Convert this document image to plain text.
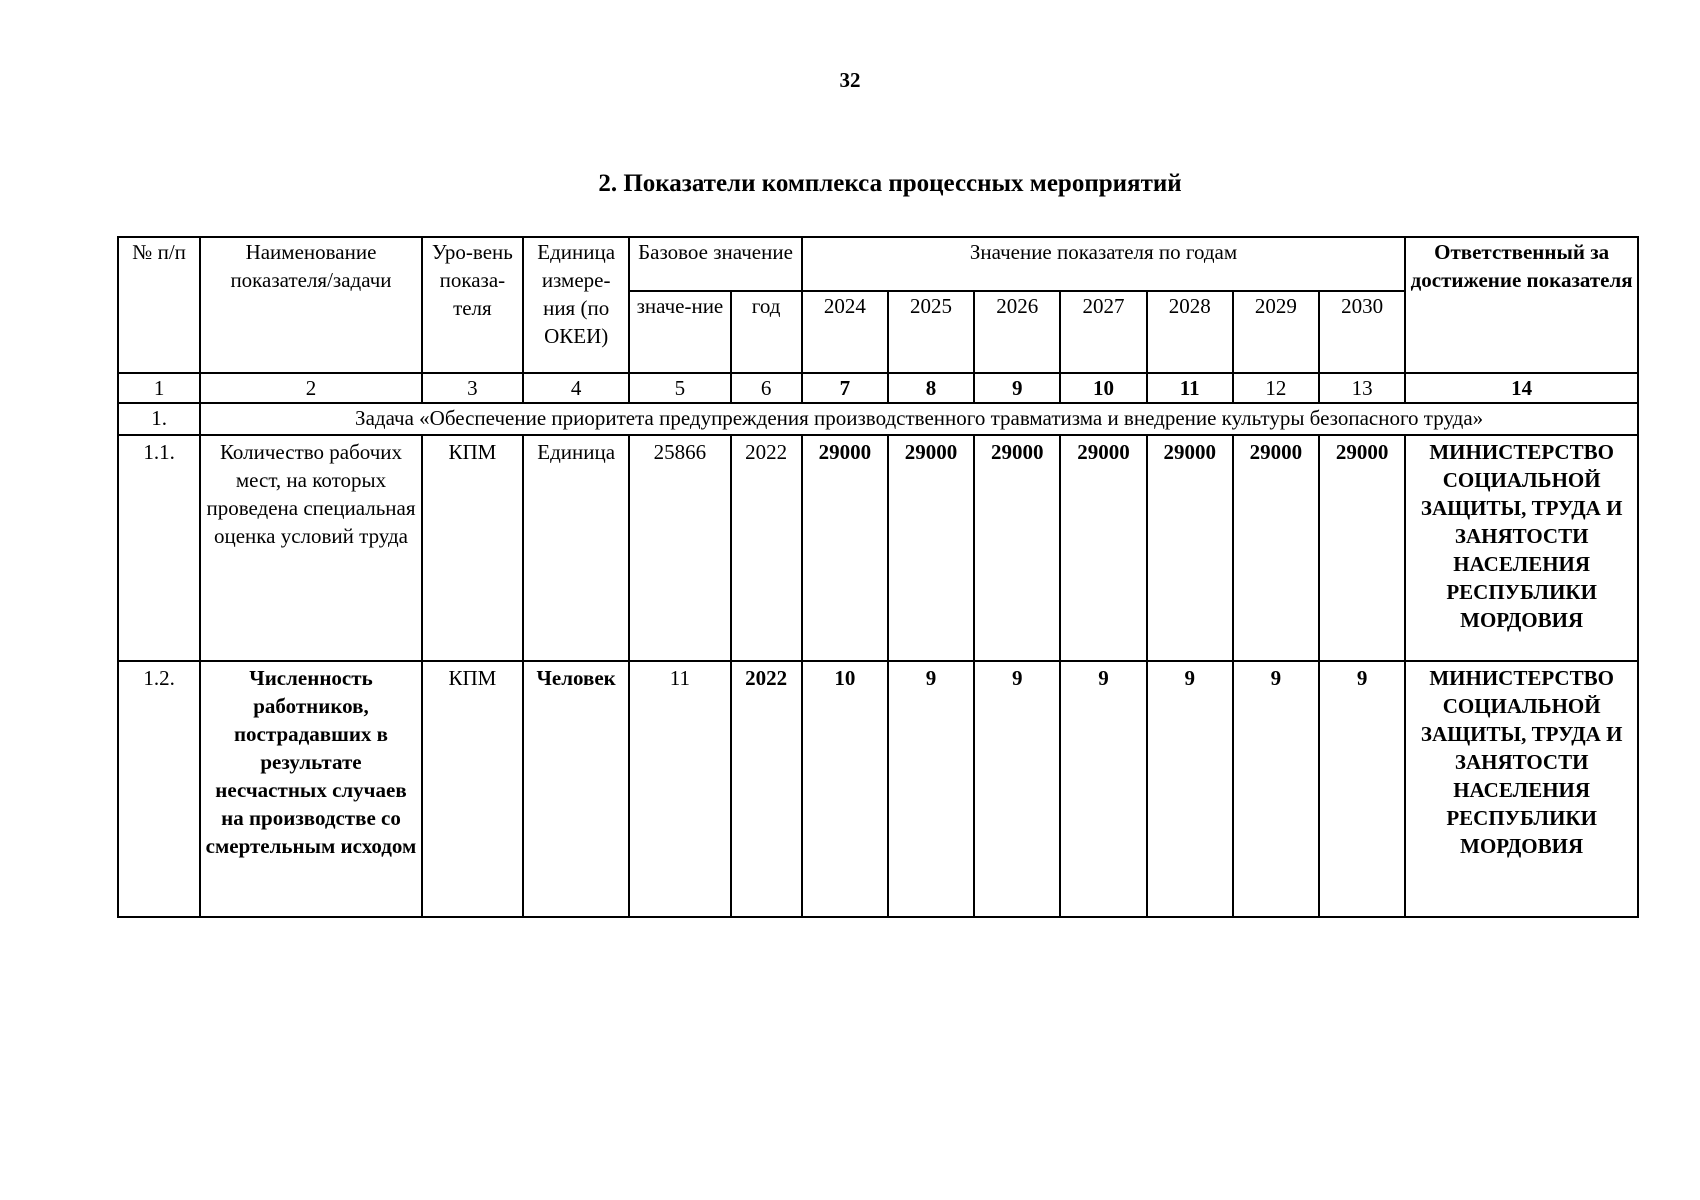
32
2. Показатели комплекса процессных мероприятий
№ п/п	Наименование показателя/задачи	Уро-вень показа-теля	Единица измере-ния (по ОКЕИ)	Базовое значение		Значение показателя по годам							Ответственный за достижение показателя
				значе-ние	год	2024	2025	2026	2027	2028	2029	2030	
1	2	3	4	5	6	7	8	9	10	11	12	13	14
1.	Задача «Обеспечение приоритета предупреждения производственного травматизма и внедрение культуры безопасного труда»												
1.1.	Количество рабочих мест, на которых проведена специальная оценка условий труда	КПМ	Единица	25866	2022	29000	29000	29000	29000	29000	29000	29000	МИНИСТЕРСТВО СОЦИАЛЬНОЙ ЗАЩИТЫ, ТРУДА И ЗАНЯТОСТИ НАСЕЛЕНИЯ РЕСПУБЛИКИ МОРДОВИЯ
1.2.	Численность работников, пострадавших в результате несчастных случаев на производстве со смертельным исходом	КПМ	Человек	11	2022	10	9	9	9	9	9	9	МИНИСТЕРСТВО СОЦИАЛЬНОЙ ЗАЩИТЫ, ТРУДА И ЗАНЯТОСТИ НАСЕЛЕНИЯ РЕСПУБЛИКИ МОРДОВИЯ
